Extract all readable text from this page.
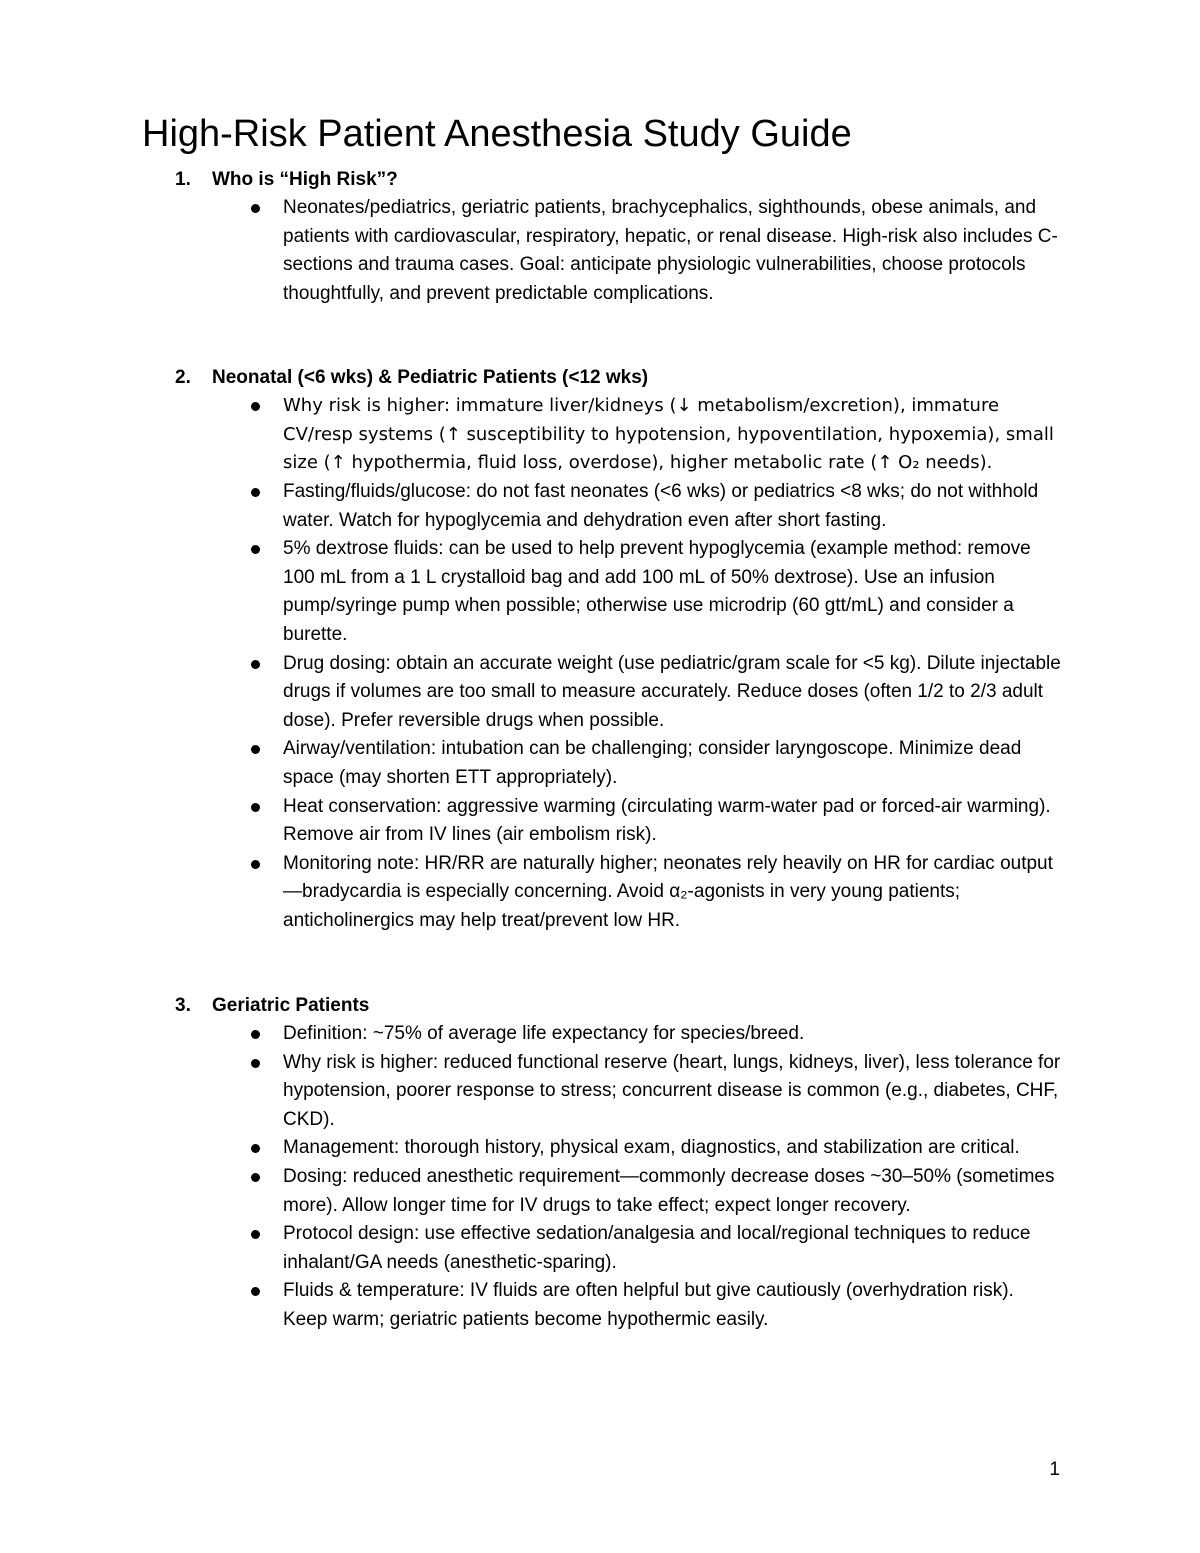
High-Risk Patient Anesthesia Study Guide
1. Who is “High Risk”?
Neonates/pediatrics, geriatric patients, brachycephalics, sighthounds, obese animals, and patients with cardiovascular, respiratory, hepatic, or renal disease. High-risk also includes C-sections and trauma cases. Goal: anticipate physiologic vulnerabilities, choose protocols thoughtfully, and prevent predictable complications.
2. Neonatal (<6 wks) & Pediatric Patients (<12 wks)
Why risk is higher: immature liver/kidneys (↓ metabolism/excretion), immature CV/resp systems (↑ susceptibility to hypotension, hypoventilation, hypoxemia), small size (↑ hypothermia, fluid loss, overdose), higher metabolic rate (↑ O₂ needs).
Fasting/fluids/glucose: do not fast neonates (<6 wks) or pediatrics <8 wks; do not withhold water. Watch for hypoglycemia and dehydration even after short fasting.
5% dextrose fluids: can be used to help prevent hypoglycemia (example method: remove 100 mL from a 1 L crystalloid bag and add 100 mL of 50% dextrose). Use an infusion pump/syringe pump when possible; otherwise use microdrip (60 gtt/mL) and consider a burette.
Drug dosing: obtain an accurate weight (use pediatric/gram scale for <5 kg). Dilute injectable drugs if volumes are too small to measure accurately. Reduce doses (often 1/2 to 2/3 adult dose). Prefer reversible drugs when possible.
Airway/ventilation: intubation can be challenging; consider laryngoscope. Minimize dead space (may shorten ETT appropriately).
Heat conservation: aggressive warming (circulating warm-water pad or forced-air warming). Remove air from IV lines (air embolism risk).
Monitoring note: HR/RR are naturally higher; neonates rely heavily on HR for cardiac output—bradycardia is especially concerning. Avoid α₂-agonists in very young patients; anticholinergics may help treat/prevent low HR.
3. Geriatric Patients
Definition: ~75% of average life expectancy for species/breed.
Why risk is higher: reduced functional reserve (heart, lungs, kidneys, liver), less tolerance for hypotension, poorer response to stress; concurrent disease is common (e.g., diabetes, CHF, CKD).
Management: thorough history, physical exam, diagnostics, and stabilization are critical.
Dosing: reduced anesthetic requirement—commonly decrease doses ~30–50% (sometimes more). Allow longer time for IV drugs to take effect; expect longer recovery.
Protocol design: use effective sedation/analgesia and local/regional techniques to reduce inhalant/GA needs (anesthetic-sparing).
Fluids & temperature: IV fluids are often helpful but give cautiously (overhydration risk). Keep warm; geriatric patients become hypothermic easily.
1
